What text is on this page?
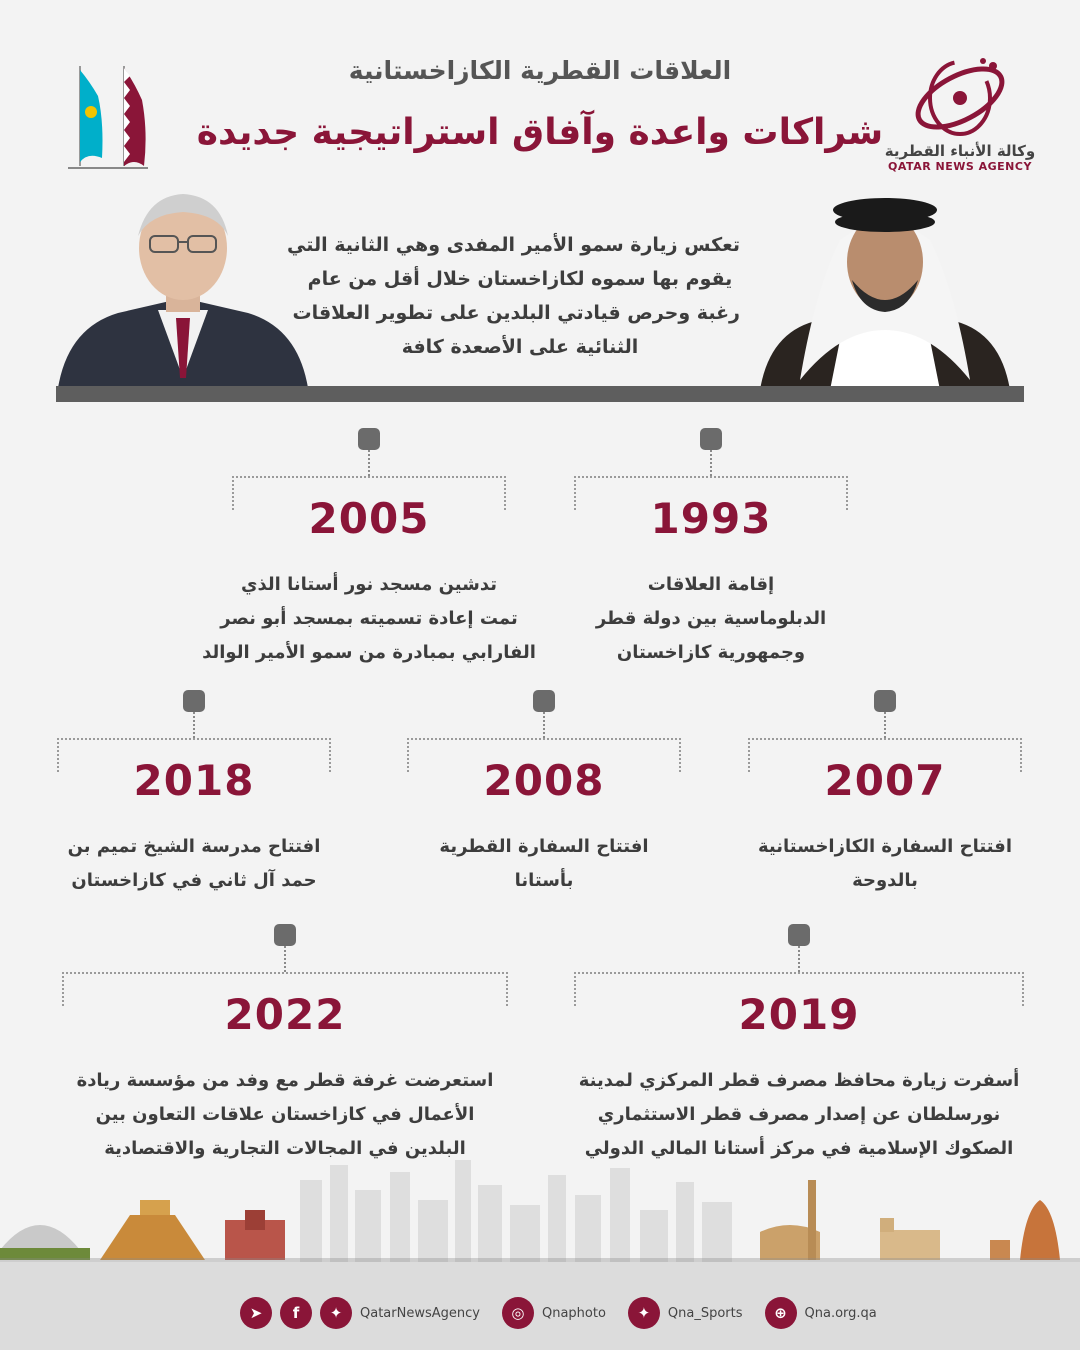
وكالة الأنباء القطرية
QATAR NEWS AGENCY
العلاقات القطرية الكازاخستانية
شراكات واعدة وآفاق استراتيجية جديدة
تعكس زيارة سمو الأمير المفدى وهي الثانية التي
يقوم بها سموه لكازاخستان خلال أقل من عام
رغبة وحرص قيادتي البلدين على تطوير العلاقات
الثنائية على الأصعدة كافة
1993
إقامة العلاقات
الدبلوماسية بين دولة قطر
وجمهورية كازاخستان
2005
تدشين مسجد نور أستانا الذي
تمت إعادة تسميته بمسجد أبو نصر
الفارابي بمبادرة من سمو الأمير الوالد
2007
افتتاح السفارة الكازاخستانية
بالدوحة
2008
افتتاح السفارة القطرية
بأستانا
2018
افتتاح مدرسة الشيخ تميم بن
حمد آل ثاني في كازاخستان
2019
أسفرت زيارة محافظ مصرف قطر المركزي لمدينة
نورسلطان عن إصدار مصرف قطر الاستثماري
الصكوك الإسلامية في مركز أستانا المالي الدولي
2022
استعرضت غرفة قطر مع وفد من مؤسسة ريادة
الأعمال في كازاخستان علاقات التعاون بين
البلدين في المجالات التجارية والاقتصادية
➤	f	✦	QatarNewsAgency	◎	Qnaphoto	✦	Qna_Sports	⊕	Qna.org.qa
